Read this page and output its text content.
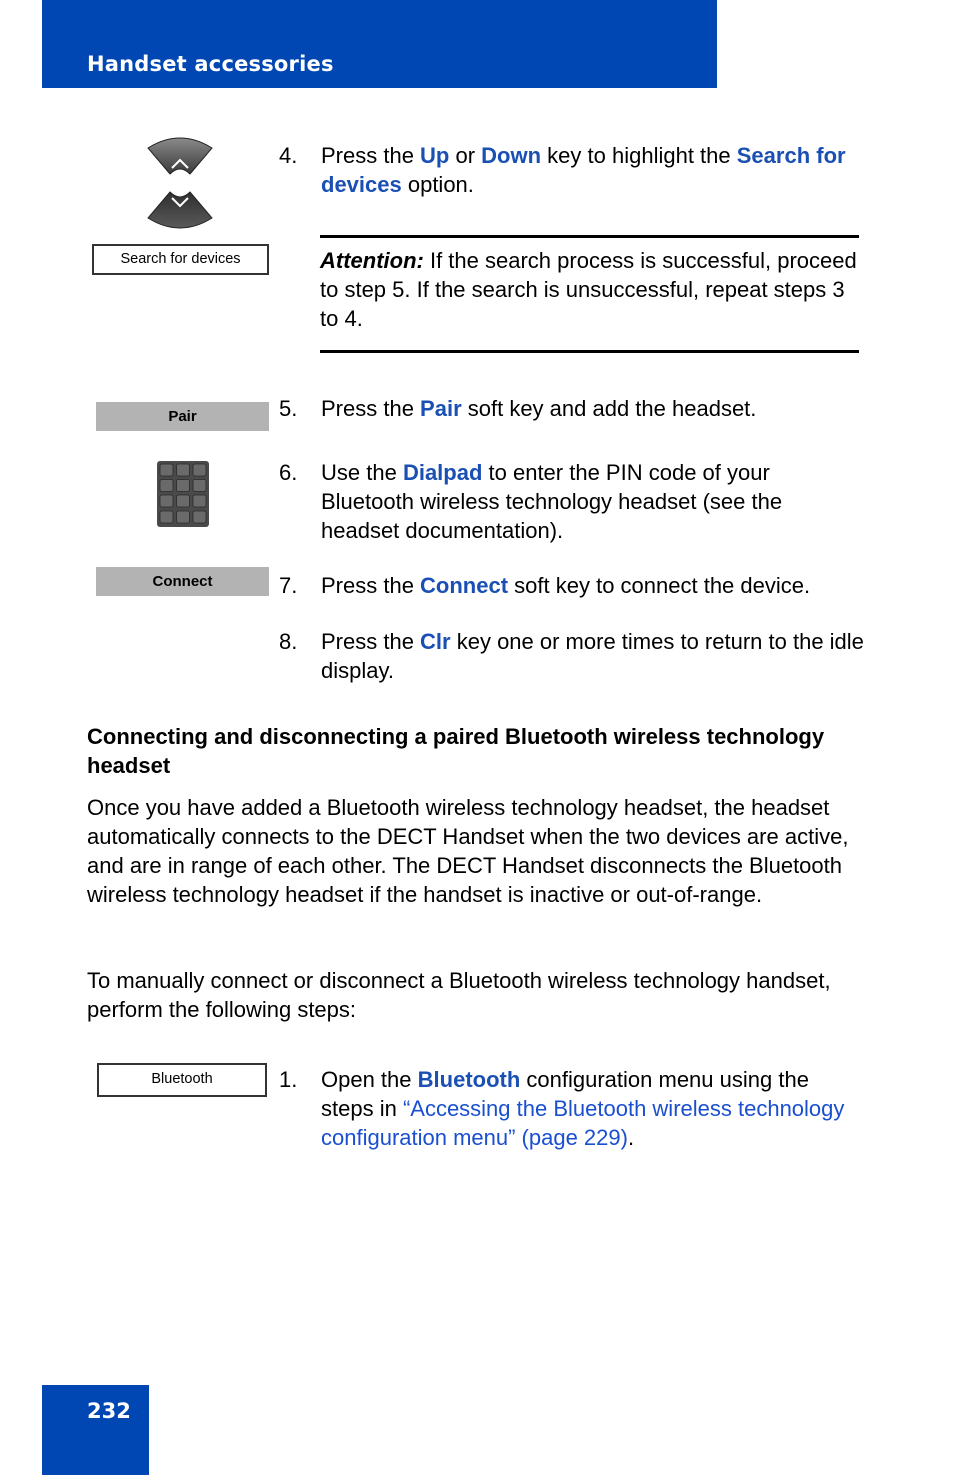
Handset accessories
Search for devices
4. Press the Up or Down key to highlight the Search for devices option.
Attention: If the search process is successful, proceed to step 5. If the search is unsuccessful, repeat steps 3 to 4.
Pair	5. Press the Pair soft key and add the headset.
6. Use the Dialpad to enter the PIN code of your Bluetooth wireless technology headset (see the headset documentation).
Connect	7. Press the Connect soft key to connect the device.
8. Press the Clr key one or more times to return to the idle display.
Connecting and disconnecting a paired Bluetooth wireless technology headset
Once you have added a Bluetooth wireless technology headset, the headset automatically connects to the DECT Handset when the two devices are active, and are in range of each other. The DECT Handset disconnects the Bluetooth wireless technology headset if the handset is inactive or out-of-range.
To manually connect or disconnect a Bluetooth wireless technology handset, perform the following steps:
Bluetooth	1. Open the Bluetooth configuration menu using the steps in “Accessing the Bluetooth wireless technology configuration menu” (page 229).
232
